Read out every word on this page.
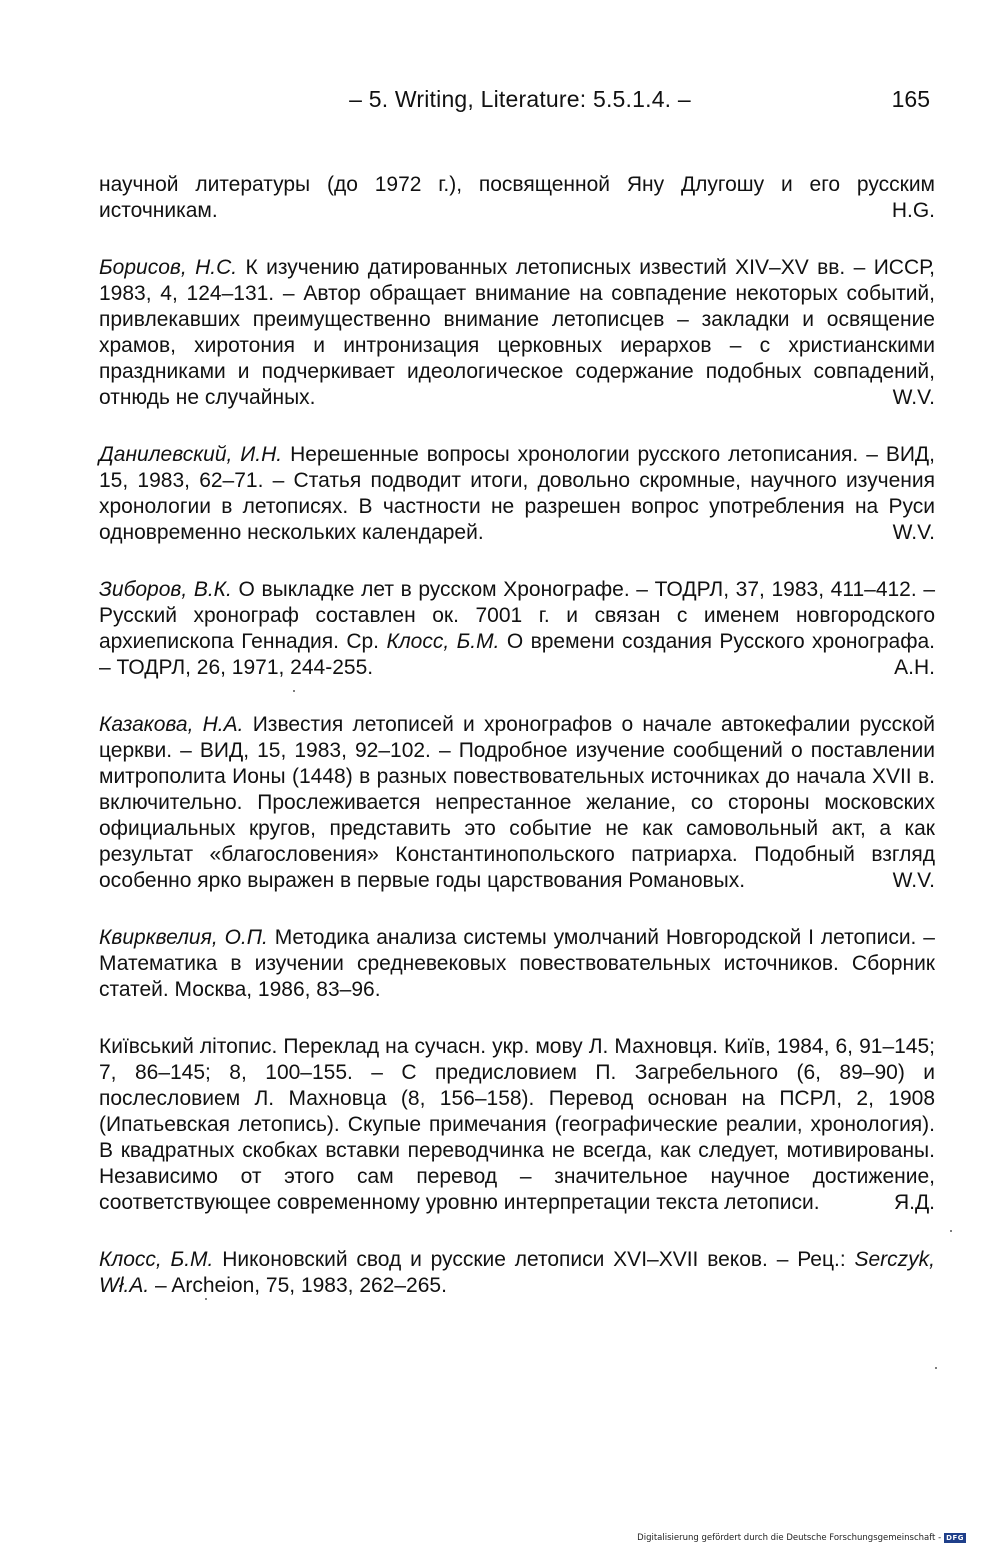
– 5. Writing, Literature: 5.5.1.4. –	165

научной литературы (до 1972 г.), посвященной Яну Длугошу и его русским источникам.	H.G.

Борисов, Н.С. К изучению датированных летописных известий XIV–XV вв. – ИССР, 1983, 4, 124–131. – Автор обращает внимание на совпадение некоторых событий, привлекавших преимущественно внимание летописцев – закладки и освящение храмов, хиротония и интронизация церковных иерархов – с христианскими праздниками и подчеркивает идеологическое содержание подобных совпадений, отнюдь не случайных.	W.V.

Данилевский, И.Н. Нерешенные вопросы хронологии русского летописания. – ВИД, 15, 1983, 62–71. – Статья подводит итоги, довольно скромные, научного изучения хронологии в летописях. В частности не разрешен вопрос употребления на Руси одновременно нескольких календарей.	W.V.

Зиборов, В.К. О выкладке лет в русском Хронографе. – ТОДРЛ, 37, 1983, 411–412. – Русский хронограф составлен ок. 7001 г. и связан с именем новгородского архиепископа Геннадия. Ср. Клосс, Б.М. О времени создания Русского хронографа. – ТОДРЛ, 26, 1971, 244-255.	A.H.

Казакова, Н.А. Известия летописей и хронографов о начале автокефалии русской церкви. – ВИД, 15, 1983, 92–102. – Подробное изучение сообщений о поставлении митрополита Ионы (1448) в разных повествовательных источниках до начала XVII в. включительно. Прослеживается непрестанное желание, со стороны московских официальных кругов, представить это событие не как самовольный акт, а как результат «благословения» Константинопольского патриарха. Подобный взгляд особенно ярко выражен в первые годы царствования Романовых.	W.V.

Квирквелия, О.П. Методика анализа системы умолчаний Новгородской I летописи. – Математика в изучении средневековых повествовательных источников. Сборник статей. Москва, 1986, 83–96.

Київський літопис. Переклад на сучасн. укр. мову Л. Махновця. Київ, 1984, 6, 91–145; 7, 86–145; 8, 100–155. – С предисловием П. Загребельного (6, 89–90) и послесловием Л. Махновца (8, 156–158). Перевод основан на ПСРЛ, 2, 1908 (Ипатьевская летопись). Скупые примечания (географические реалии, хронология). В квадратных скобках вставки переводчинка не всегда, как следует, мотивированы. Независимо от этого сам перевод – значительное научное достижение, соответствующее современному уровню интерпретации текста летописи.	Я.Д.

Клосс, Б.М. Никоновский свод и русские летописи XVI–XVII веков. – Рец.: Serczyk, Wł.A. – Archeion, 75, 1983, 262–265.

Digitalisierung gefördert durch die Deutsche Forschungsgemeinschaft - DFG
